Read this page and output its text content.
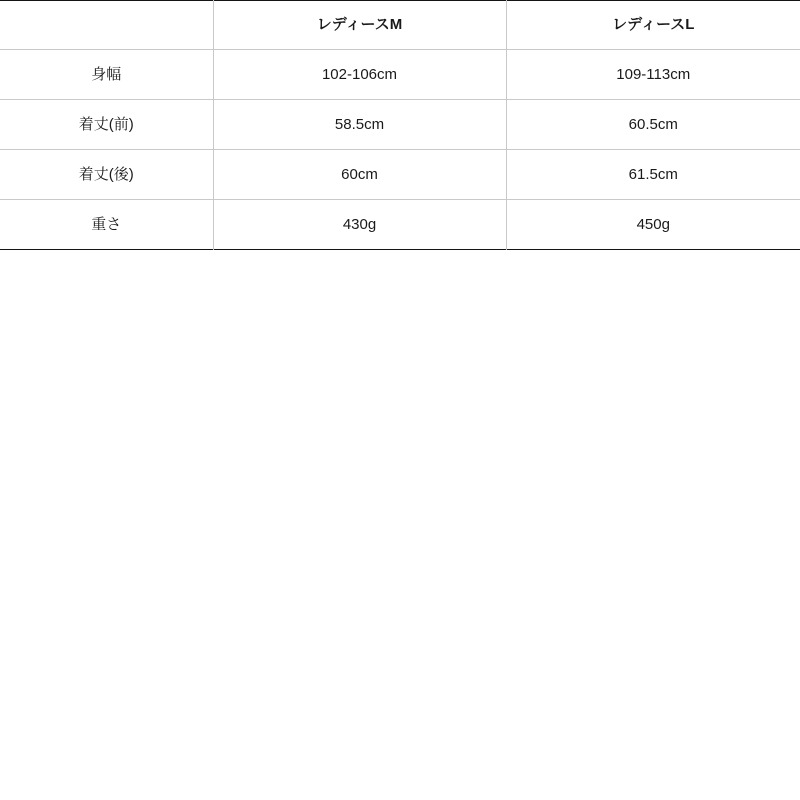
	レディースM	レディースL
身幅	102-106cm	109-113cm
着丈(前)	58.5cm	60.5cm
着丈(後)	60cm	61.5cm
重さ	430g	450g
